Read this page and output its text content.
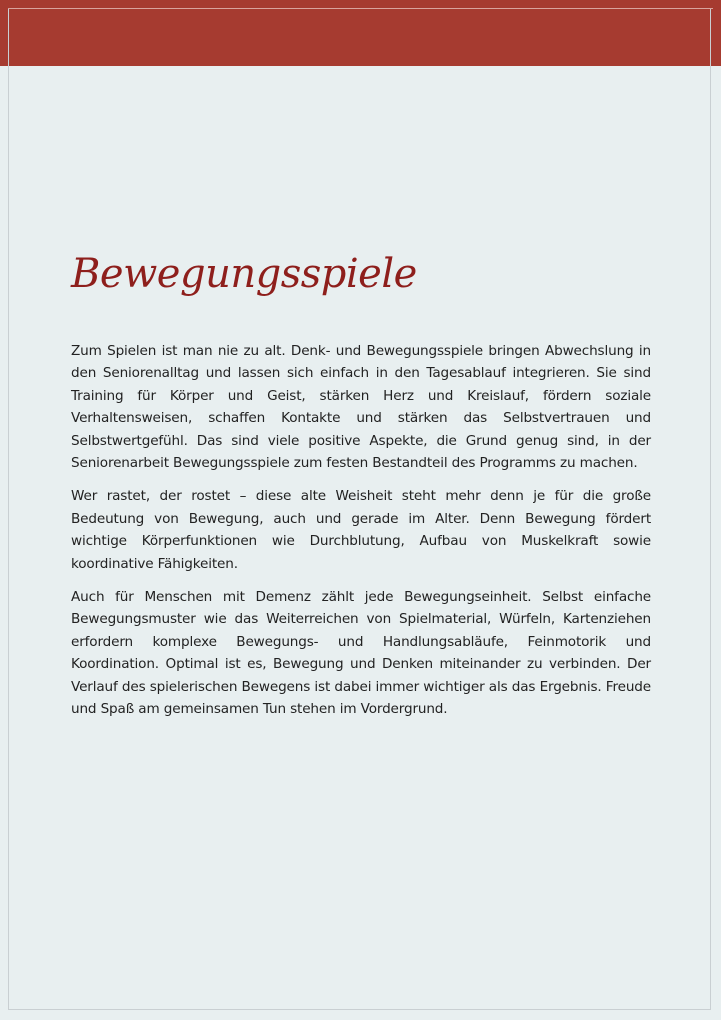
Bewegungsspiele

Zum Spielen ist man nie zu alt. Denk- und Bewegungsspiele bringen Abwechslung in den Seniorenalltag und lassen sich einfach in den Tagesablauf integrieren. Sie sind Training für Körper und Geist, stärken Herz und Kreislauf, fördern soziale Verhaltensweisen, schaffen Kontakte und stärken das Selbstvertrauen und Selbstwertgefühl. Das sind viele positive Aspekte, die Grund genug sind, in der Seniorenarbeit Bewegungsspiele zum festen Bestandteil des Programms zu machen.

Wer rastet, der rostet – diese alte Weisheit steht mehr denn je für die große Bedeutung von Bewegung, auch und gerade im Alter. Denn Bewegung fördert wichtige Körperfunktionen wie Durchblutung, Aufbau von Muskelkraft sowie koordinative Fähigkeiten.

Auch für Menschen mit Demenz zählt jede Bewegungseinheit. Selbst einfache Bewegungsmuster wie das Weiterreichen von Spielmaterial, Würfeln, Kartenziehen erfordern komplexe Bewegungs- und Handlungsabläufe, Feinmotorik und Koordination. Optimal ist es, Bewegung und Denken miteinander zu verbinden. Der Verlauf des spielerischen Bewegens ist dabei immer wichtiger als das Ergebnis. Freude und Spaß am gemeinsamen Tun stehen im Vordergrund.
